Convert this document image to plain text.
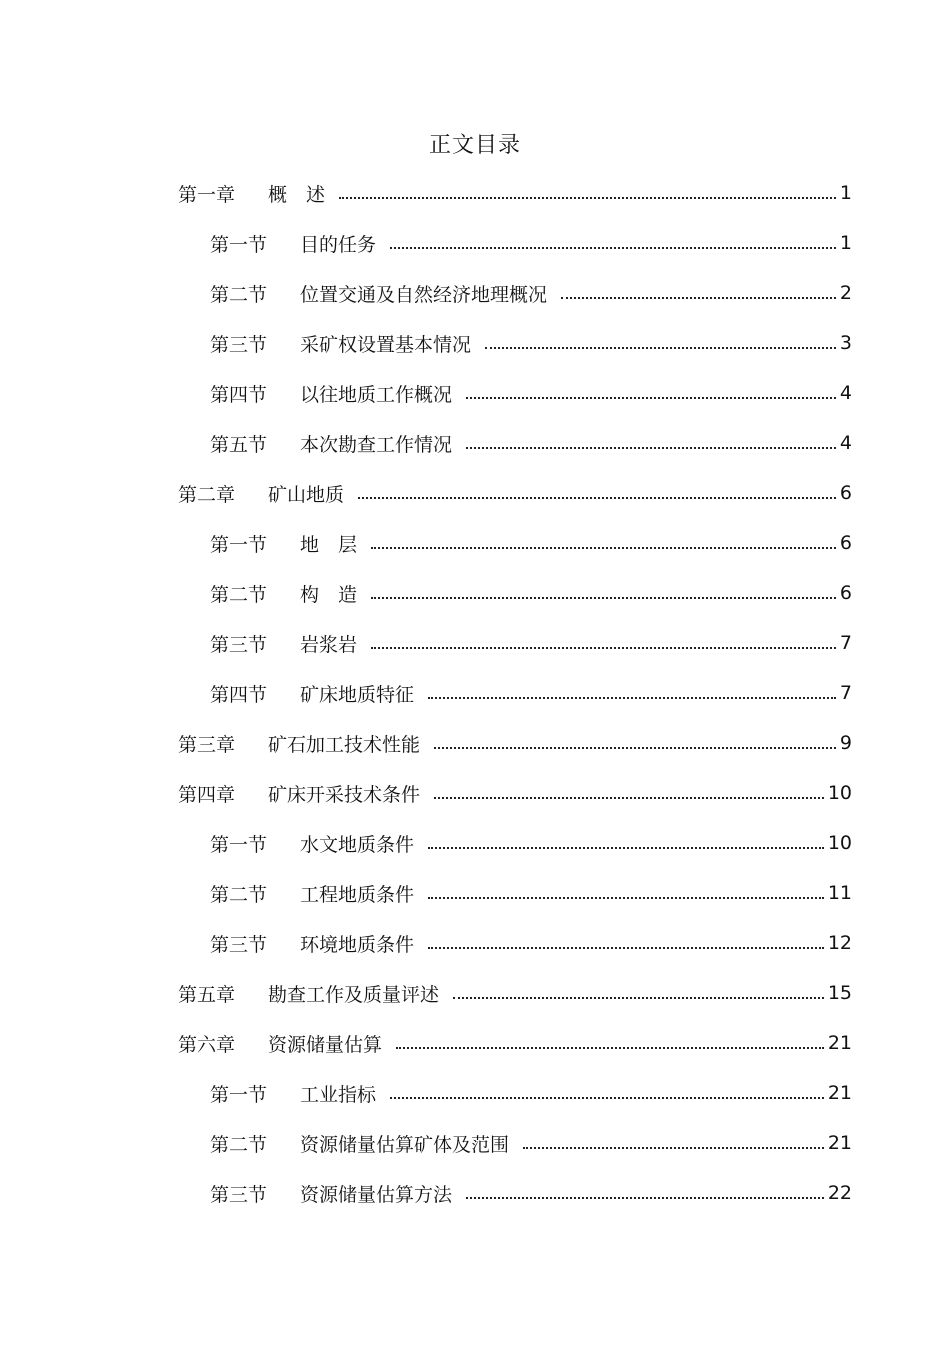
正文目录
第一章	概　述	1
第一节	目的任务	1
第二节	位置交通及自然经济地理概况	2
第三节	采矿权设置基本情况	3
第四节	以往地质工作概况	4
第五节	本次勘查工作情况	4
第二章	矿山地质	6
第一节	地　层	6
第二节	构　造	6
第三节	岩浆岩	7
第四节	矿床地质特征	7
第三章	矿石加工技术性能	9
第四章	矿床开采技术条件	10
第一节	水文地质条件	10
第二节	工程地质条件	11
第三节	环境地质条件	12
第五章	勘查工作及质量评述	15
第六章	资源储量估算	21
第一节	工业指标	21
第二节	资源储量估算矿体及范围	21
第三节	资源储量估算方法	22
